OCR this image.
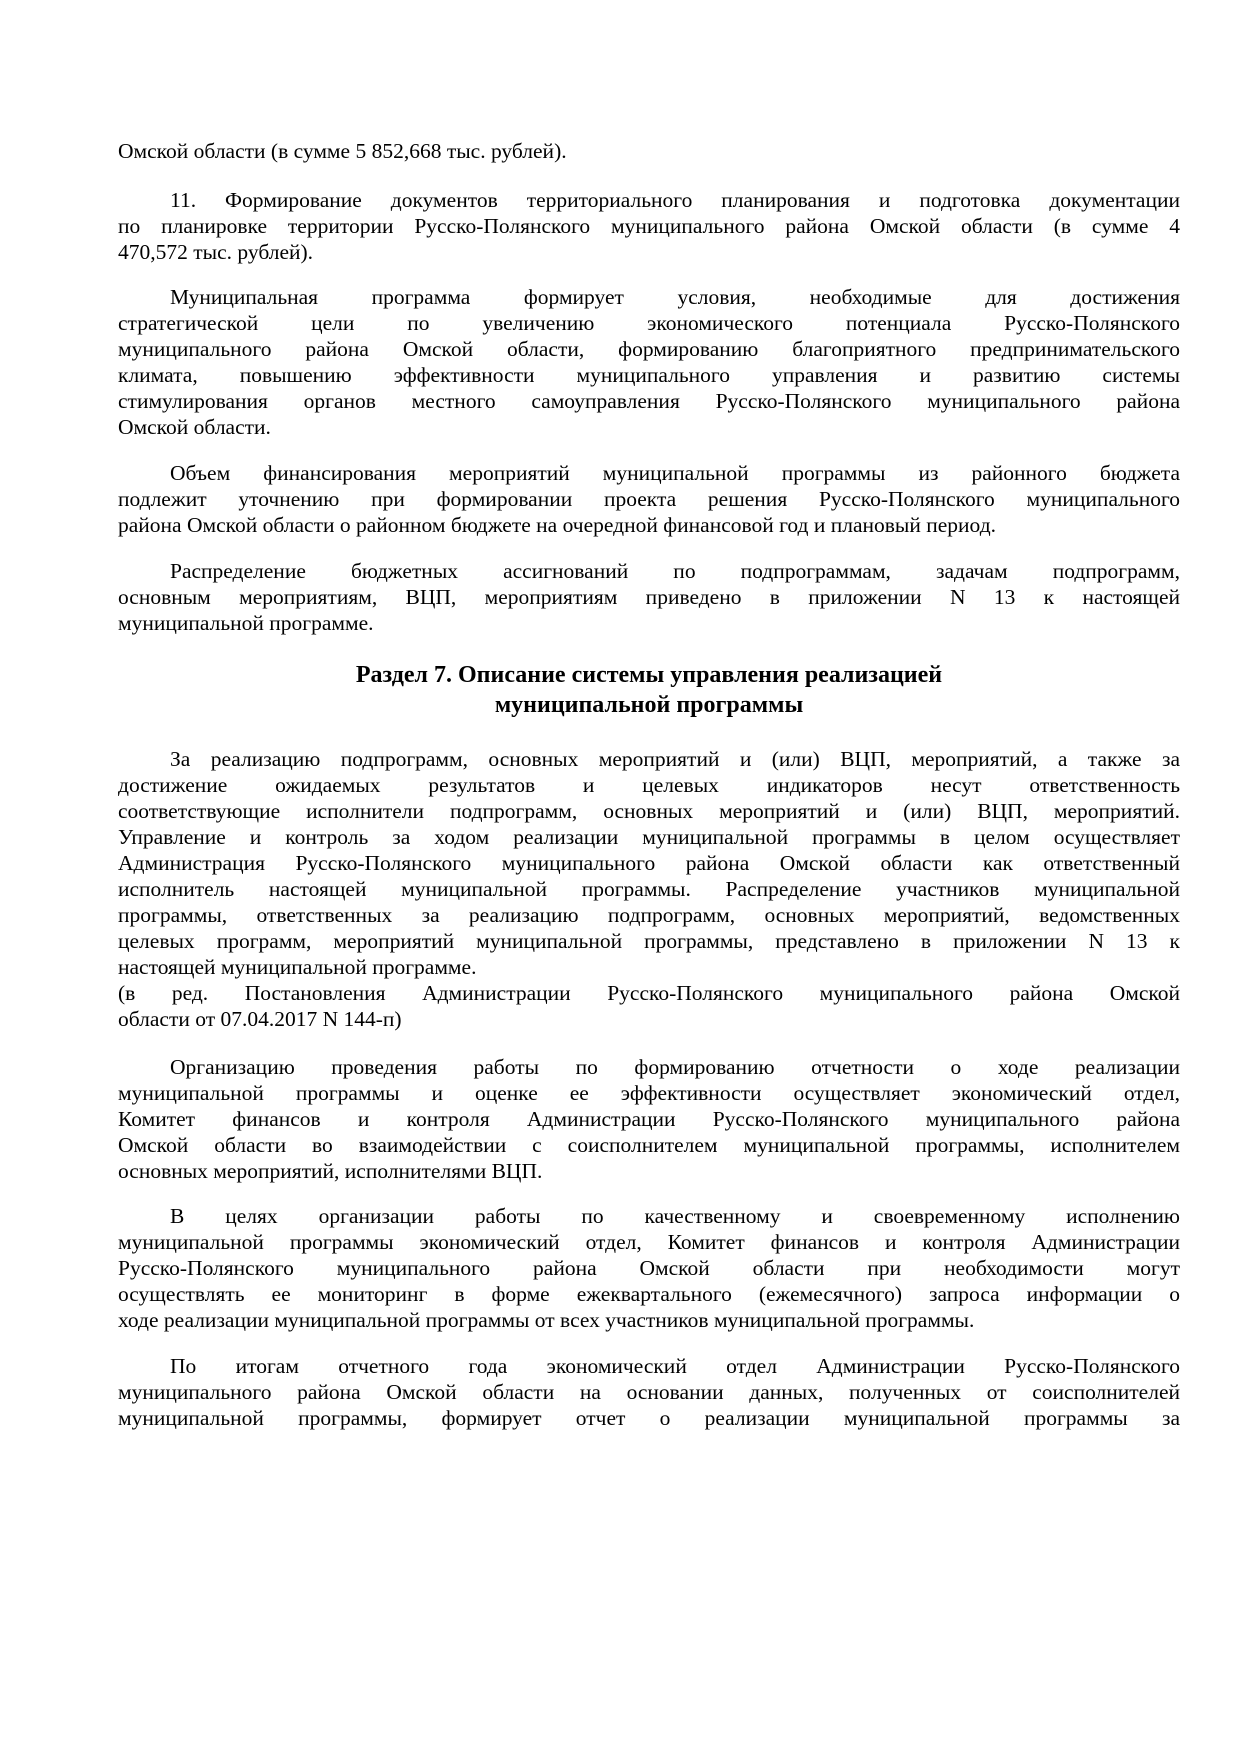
Омской области (в сумме 5 852,668 тыс. рублей).
11. Формирование документов территориального планирования и подготовка документации
по планировке территории Русско-Полянского муниципального района Омской области (в сумме 4
470,572 тыс. рублей).
Муниципальная программа формирует условия, необходимые для достижения
стратегической цели по увеличению экономического потенциала Русско-Полянского
муниципального района Омской области, формированию благоприятного предпринимательского
климата, повышению эффективности муниципального управления и развитию системы
стимулирования органов местного самоуправления Русско-Полянского муниципального района
Омской области.
Объем финансирования мероприятий муниципальной программы из районного бюджета
подлежит уточнению при формировании проекта решения Русско-Полянского муниципального
района Омской области о районном бюджете на очередной финансовой год и плановый период.
Распределение бюджетных ассигнований по подпрограммам, задачам подпрограмм,
основным мероприятиям, ВЦП, мероприятиям приведено в приложении N 13 к настоящей
муниципальной программе.
Раздел 7. Описание системы управления реализацией
муниципальной программы
За реализацию подпрограмм, основных мероприятий и (или) ВЦП, мероприятий, а также за
достижение ожидаемых результатов и целевых индикаторов несут ответственность
соответствующие исполнители подпрограмм, основных мероприятий и (или) ВЦП, мероприятий.
Управление и контроль за ходом реализации муниципальной программы в целом осуществляет
Администрация Русско-Полянского муниципального района Омской области как ответственный
исполнитель настоящей муниципальной программы. Распределение участников муниципальной
программы, ответственных за реализацию подпрограмм, основных мероприятий, ведомственных
целевых программ, мероприятий муниципальной программы, представлено в приложении N 13 к
настоящей муниципальной программе.
(в ред. Постановления Администрации Русско-Полянского муниципального района Омской
области от 07.04.2017 N 144-п)
Организацию проведения работы по формированию отчетности о ходе реализации
муниципальной программы и оценке ее эффективности осуществляет экономический отдел,
Комитет финансов и контроля Администрации Русско-Полянского муниципального района
Омской области во взаимодействии с соисполнителем муниципальной программы, исполнителем
основных мероприятий, исполнителями ВЦП.
В целях организации работы по качественному и своевременному исполнению
муниципальной программы экономический отдел, Комитет финансов и контроля Администрации
Русско-Полянского муниципального района Омской области при необходимости могут
осуществлять ее мониторинг в форме ежеквартального (ежемесячного) запроса информации о
ходе реализации муниципальной программы от всех участников муниципальной программы.
По итогам отчетного года экономический отдел Администрации Русско-Полянского
муниципального района Омской области на основании данных, полученных от соисполнителей
муниципальной программы, формирует отчет о реализации муниципальной программы за
